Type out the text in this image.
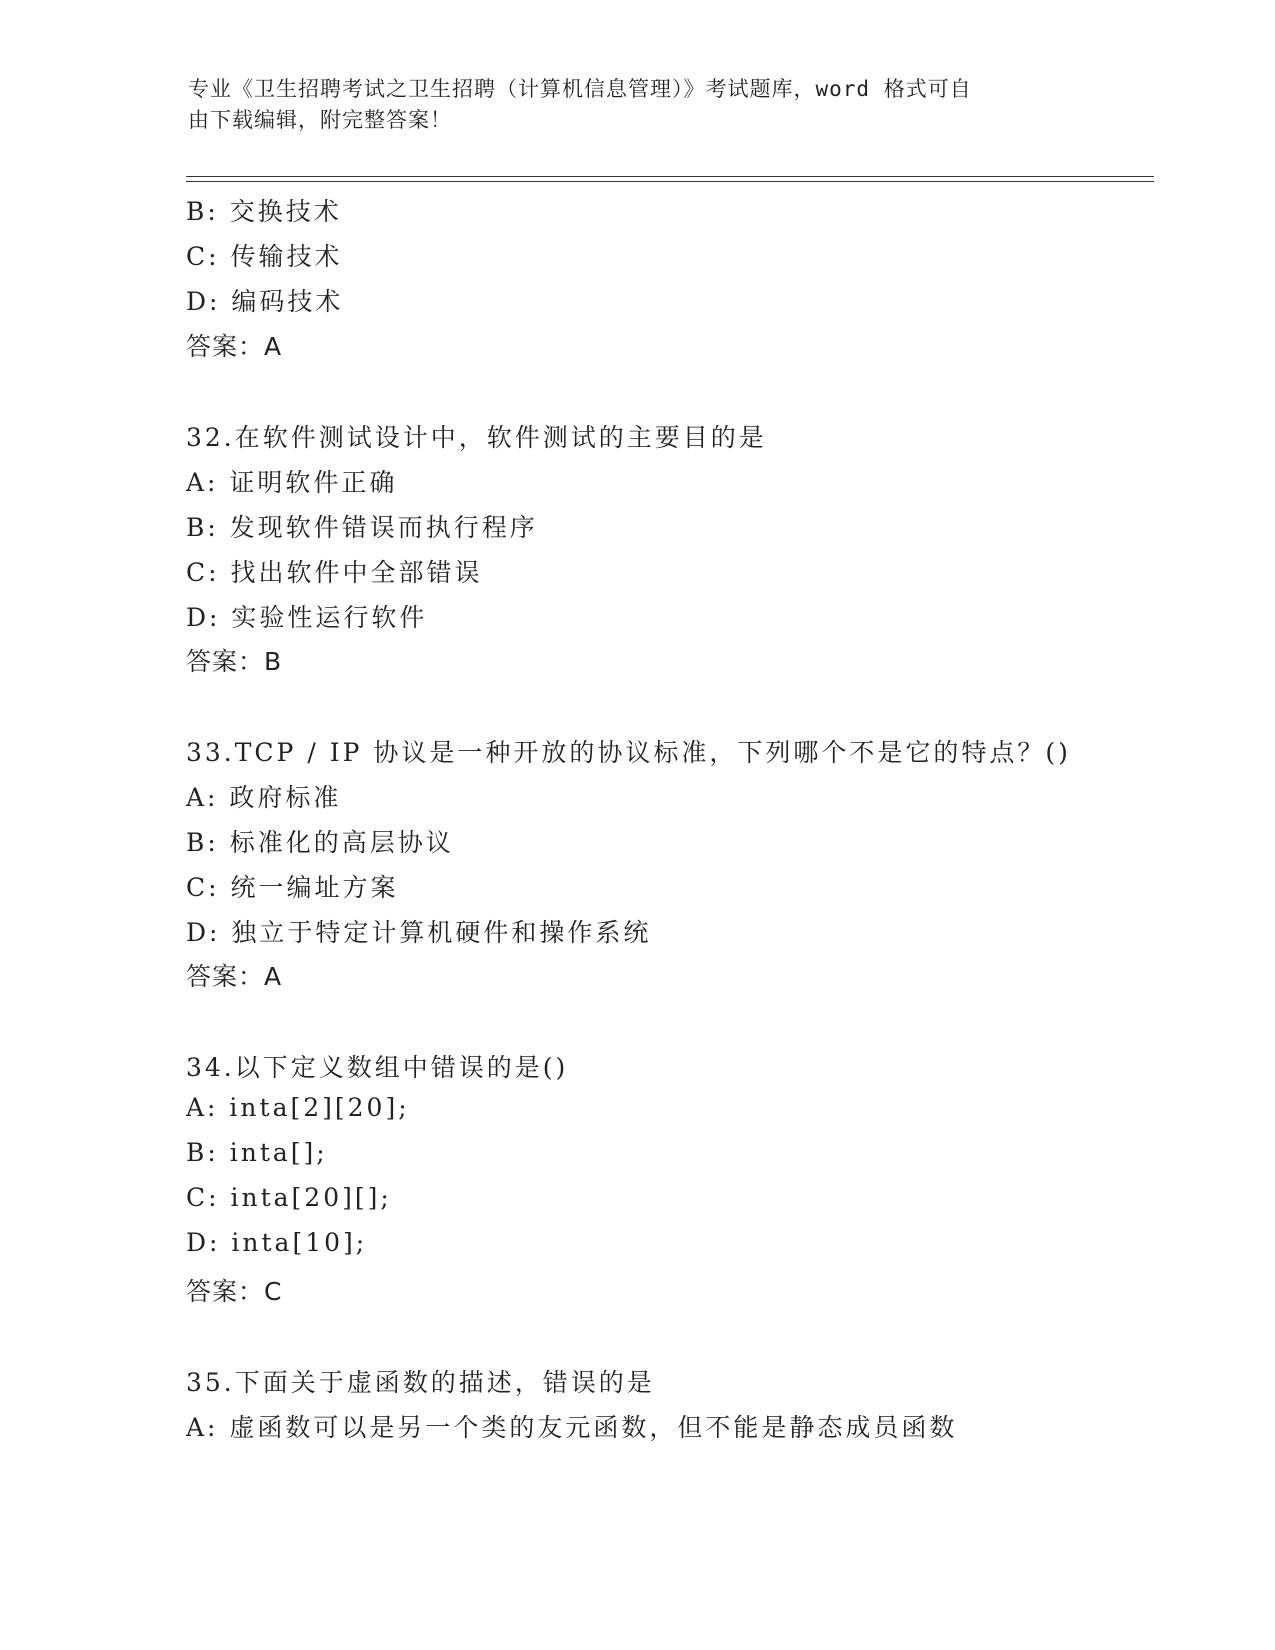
专业《卫生招聘考试之卫生招聘（计算机信息管理）》考试题库，word 格式可自
由下载编辑，附完整答案！
B: 交换技术
C: 传输技术
D: 编码技术
答案：A
32.在软件测试设计中，软件测试的主要目的是
A: 证明软件正确
B: 发现软件错误而执行程序
C: 找出软件中全部错误
D: 实验性运行软件
答案：B
33.TCP / IP 协议是一种开放的协议标准，下列哪个不是它的特点？()
A: 政府标准
B: 标准化的高层协议
C: 统一编址方案
D: 独立于特定计算机硬件和操作系统
答案：A
34.以下定义数组中错误的是()
A: inta[2][20];
B: inta[];
C: inta[20][];
D: inta[10];
答案：C
35.下面关于虚函数的描述，错误的是
A: 虚函数可以是另一个类的友元函数，但不能是静态成员函数
